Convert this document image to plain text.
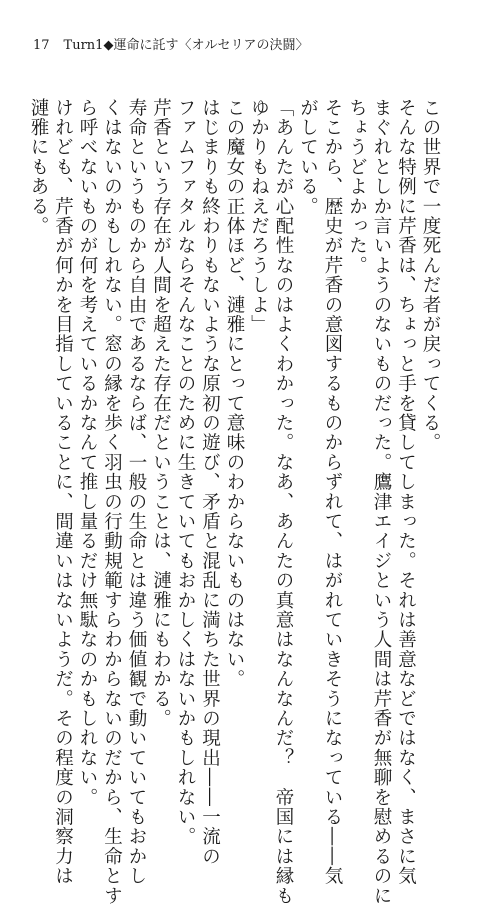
17 Turn1◆運命に託す〈オルセリアの決闘〉
この世界で一度死んだ者が戻ってくる。
そんな特例に芹香は、ちょっと手を貸してしまった。それは善意などではなく、まさに気
まぐれとしか言いようのないものだった。鷹津エイジという人間は芹香が無聊を慰めるのに
ちょうどよかった。
そこから、歴史が芹香の意図するものからずれて、はがれていきそうになっている――気
がしている。
「あんたが心配性なのはよくわかった。なあ、あんたの真意はなんなんだ？　帝国には縁も
ゆかりもねえだろうしよ」
この魔女の正体ほど、漣雅にとって意味のわからないものはない。
はじまりも終わりもないような原初の遊び、矛盾と混乱に満ちた世界の現出――一流の
ファムファタルならそんなことのために生きていてもおかしくはないかもしれない。
芹香という存在が人間を超えた存在だということは、漣雅にもわかる。
寿命というものから自由であるならば、一般の生命とは違う価値観で動いていてもおかし
くはないのかもしれない。窓の縁を歩く羽虫の行動規範すらわからないのだから、生命とす
ら呼べないものが何を考えているかなんて推し量るだけ無駄なのかもしれない。
けれども、芹香が何かを目指していることに、間違いはないようだ。その程度の洞察力は
漣雅にもある。
